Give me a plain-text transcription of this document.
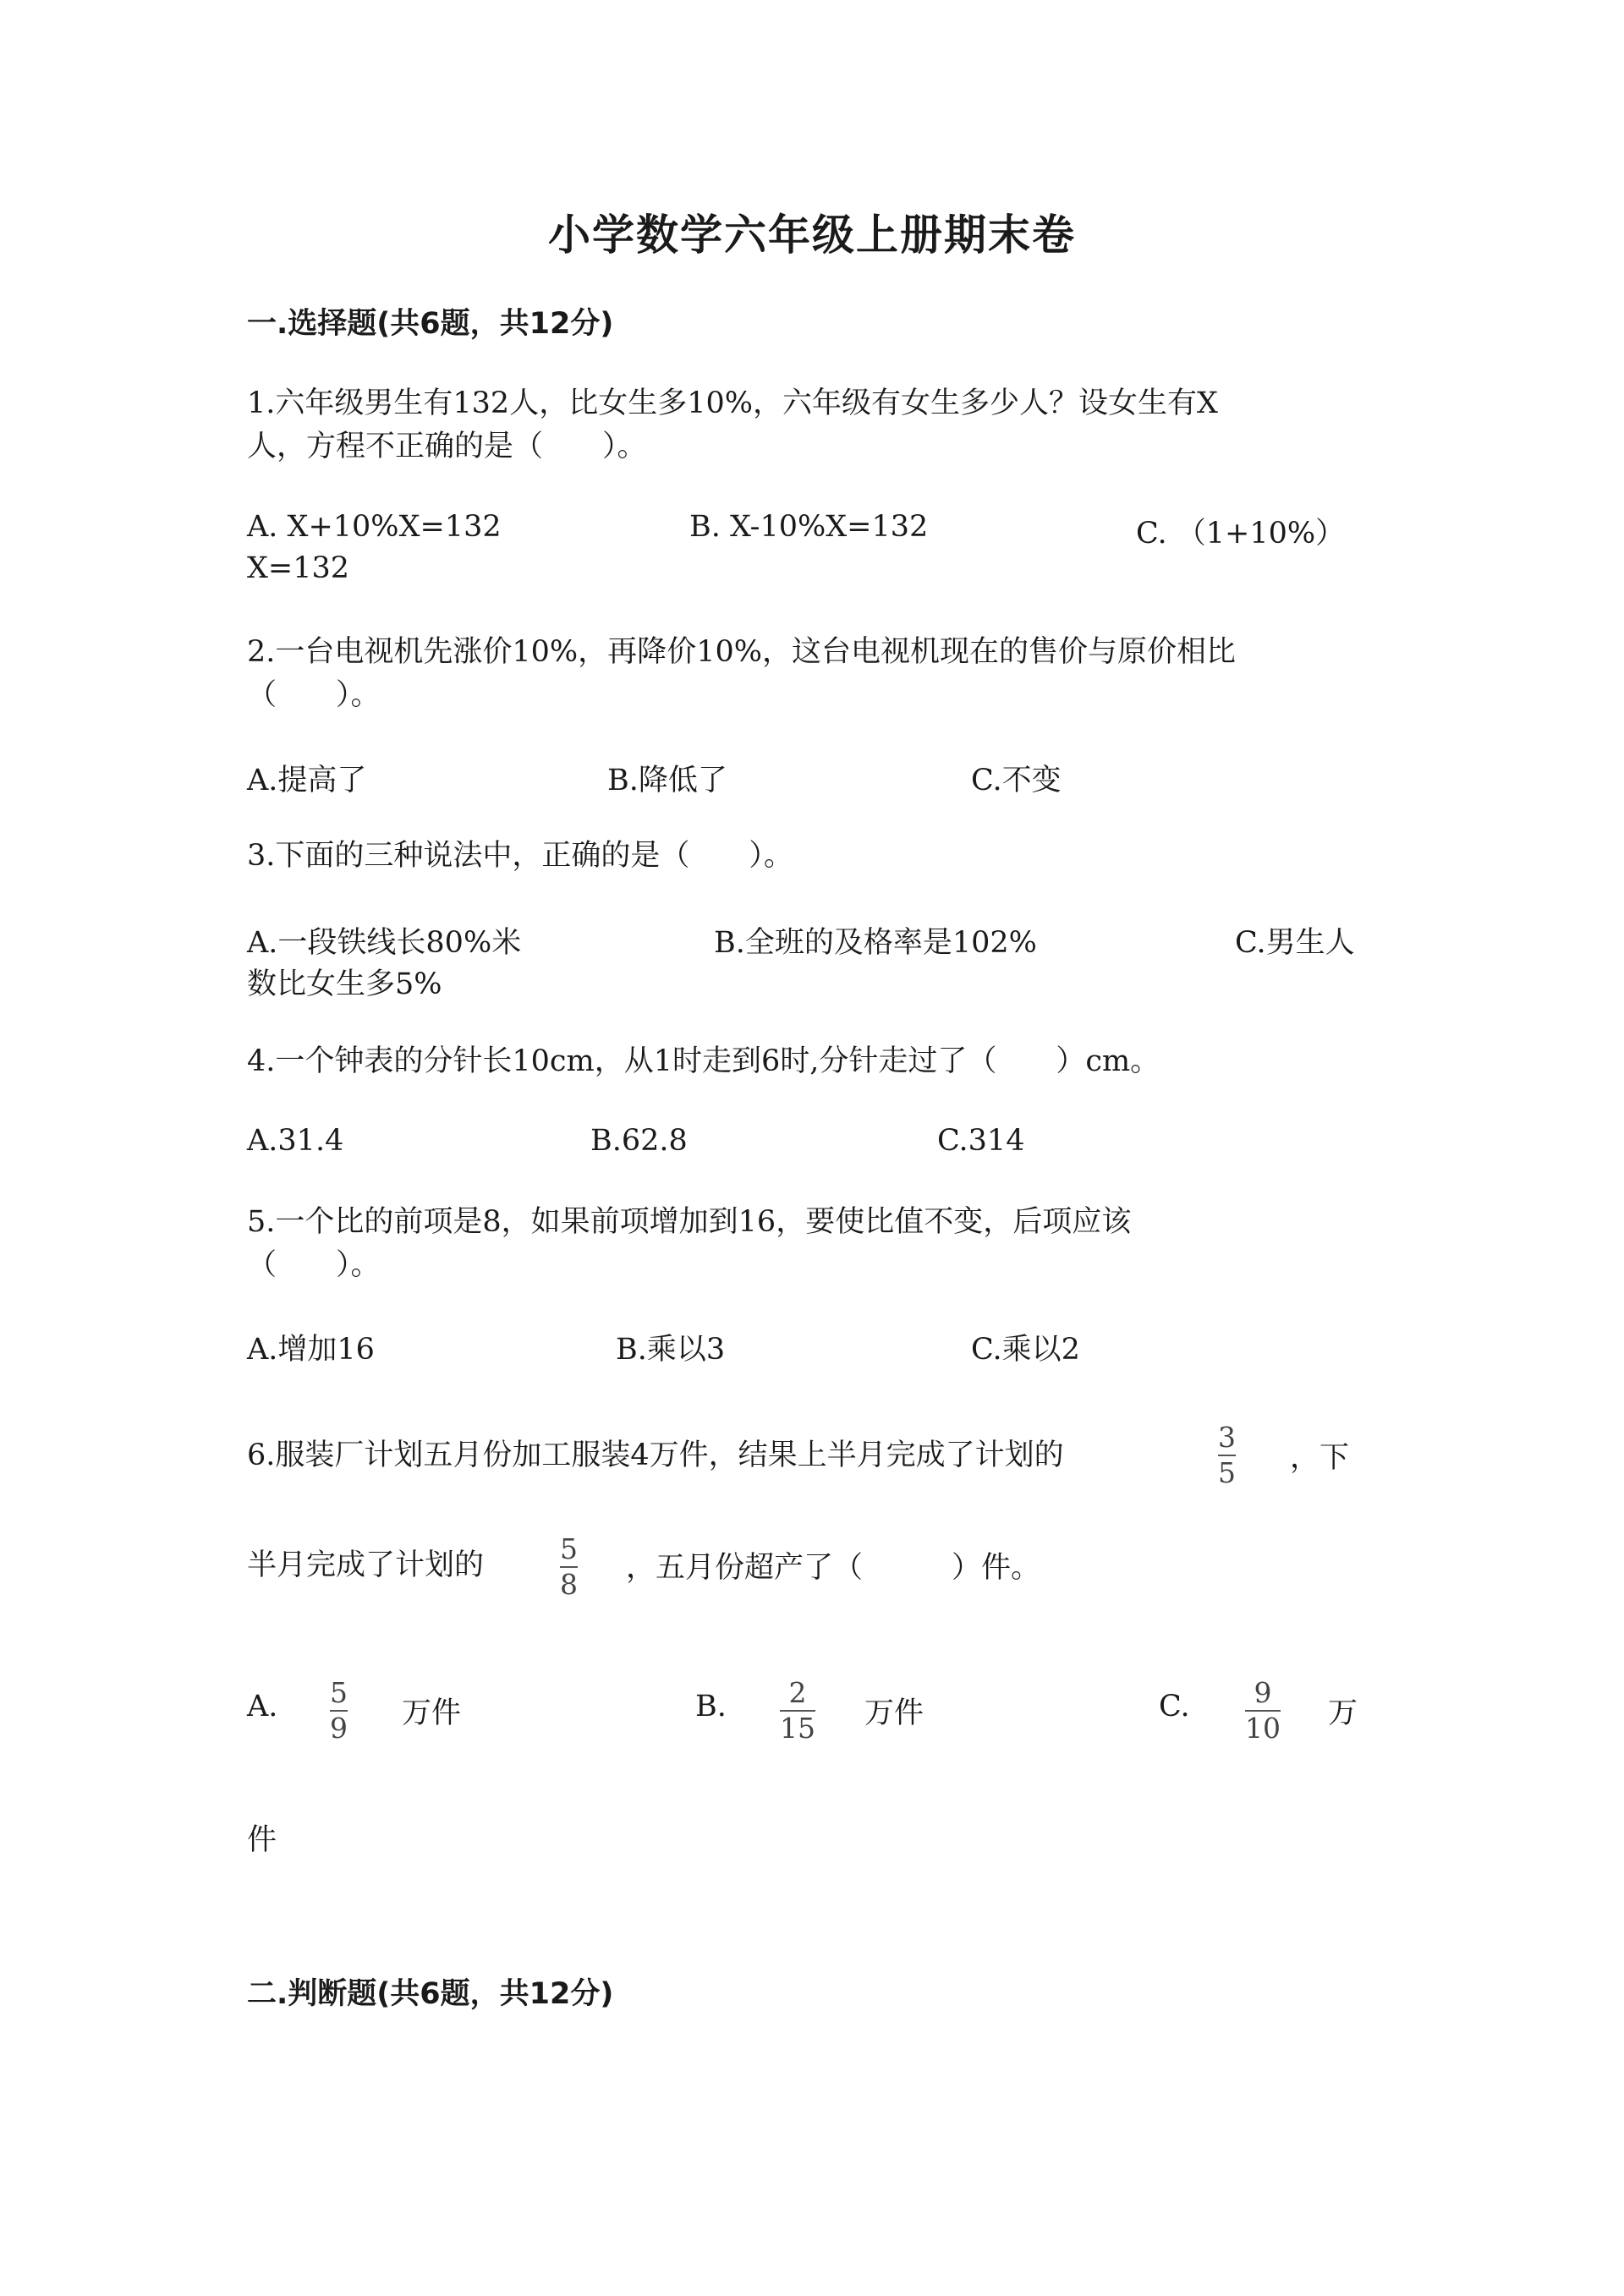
小学数学六年级上册期末卷
一.选择题(共6题，共12分)
1.六年级男生有132人，比女生多10%，六年级有女生多少人？设女生有X
人，方程不正确的是（　　）。
A. X+10%X=132	B. X-10%X=132	C. （1+10%）
X=132
2.一台电视机先涨价10%，再降价10%，这台电视机现在的售价与原价相比
（　　）。
A.提高了	B.降低了	C.不变
3.下面的三种说法中，正确的是（　　）。
A.一段铁线长80%米	B.全班的及格率是102%	C.男生人
数比女生多5%
4.一个钟表的分针长10cm，从1时走到6时,分针走过了（　　）cm。
A.31.4	B.62.8	C.314
5.一个比的前项是8，如果前项增加到16，要使比值不变，后项应该
（　　）。
A.增加16	B.乘以3	C.乘以2
6.服装厂计划五月份加工服装4万件，结果上半月完成了计划的
3
5 ，下
半月完成了计划的	5
8 ，五月份超产了（　　　）件。
A. 5
9 万件	B. 2
15 万件	C. 9
10 万
件
二.判断题(共6题，共12分)
